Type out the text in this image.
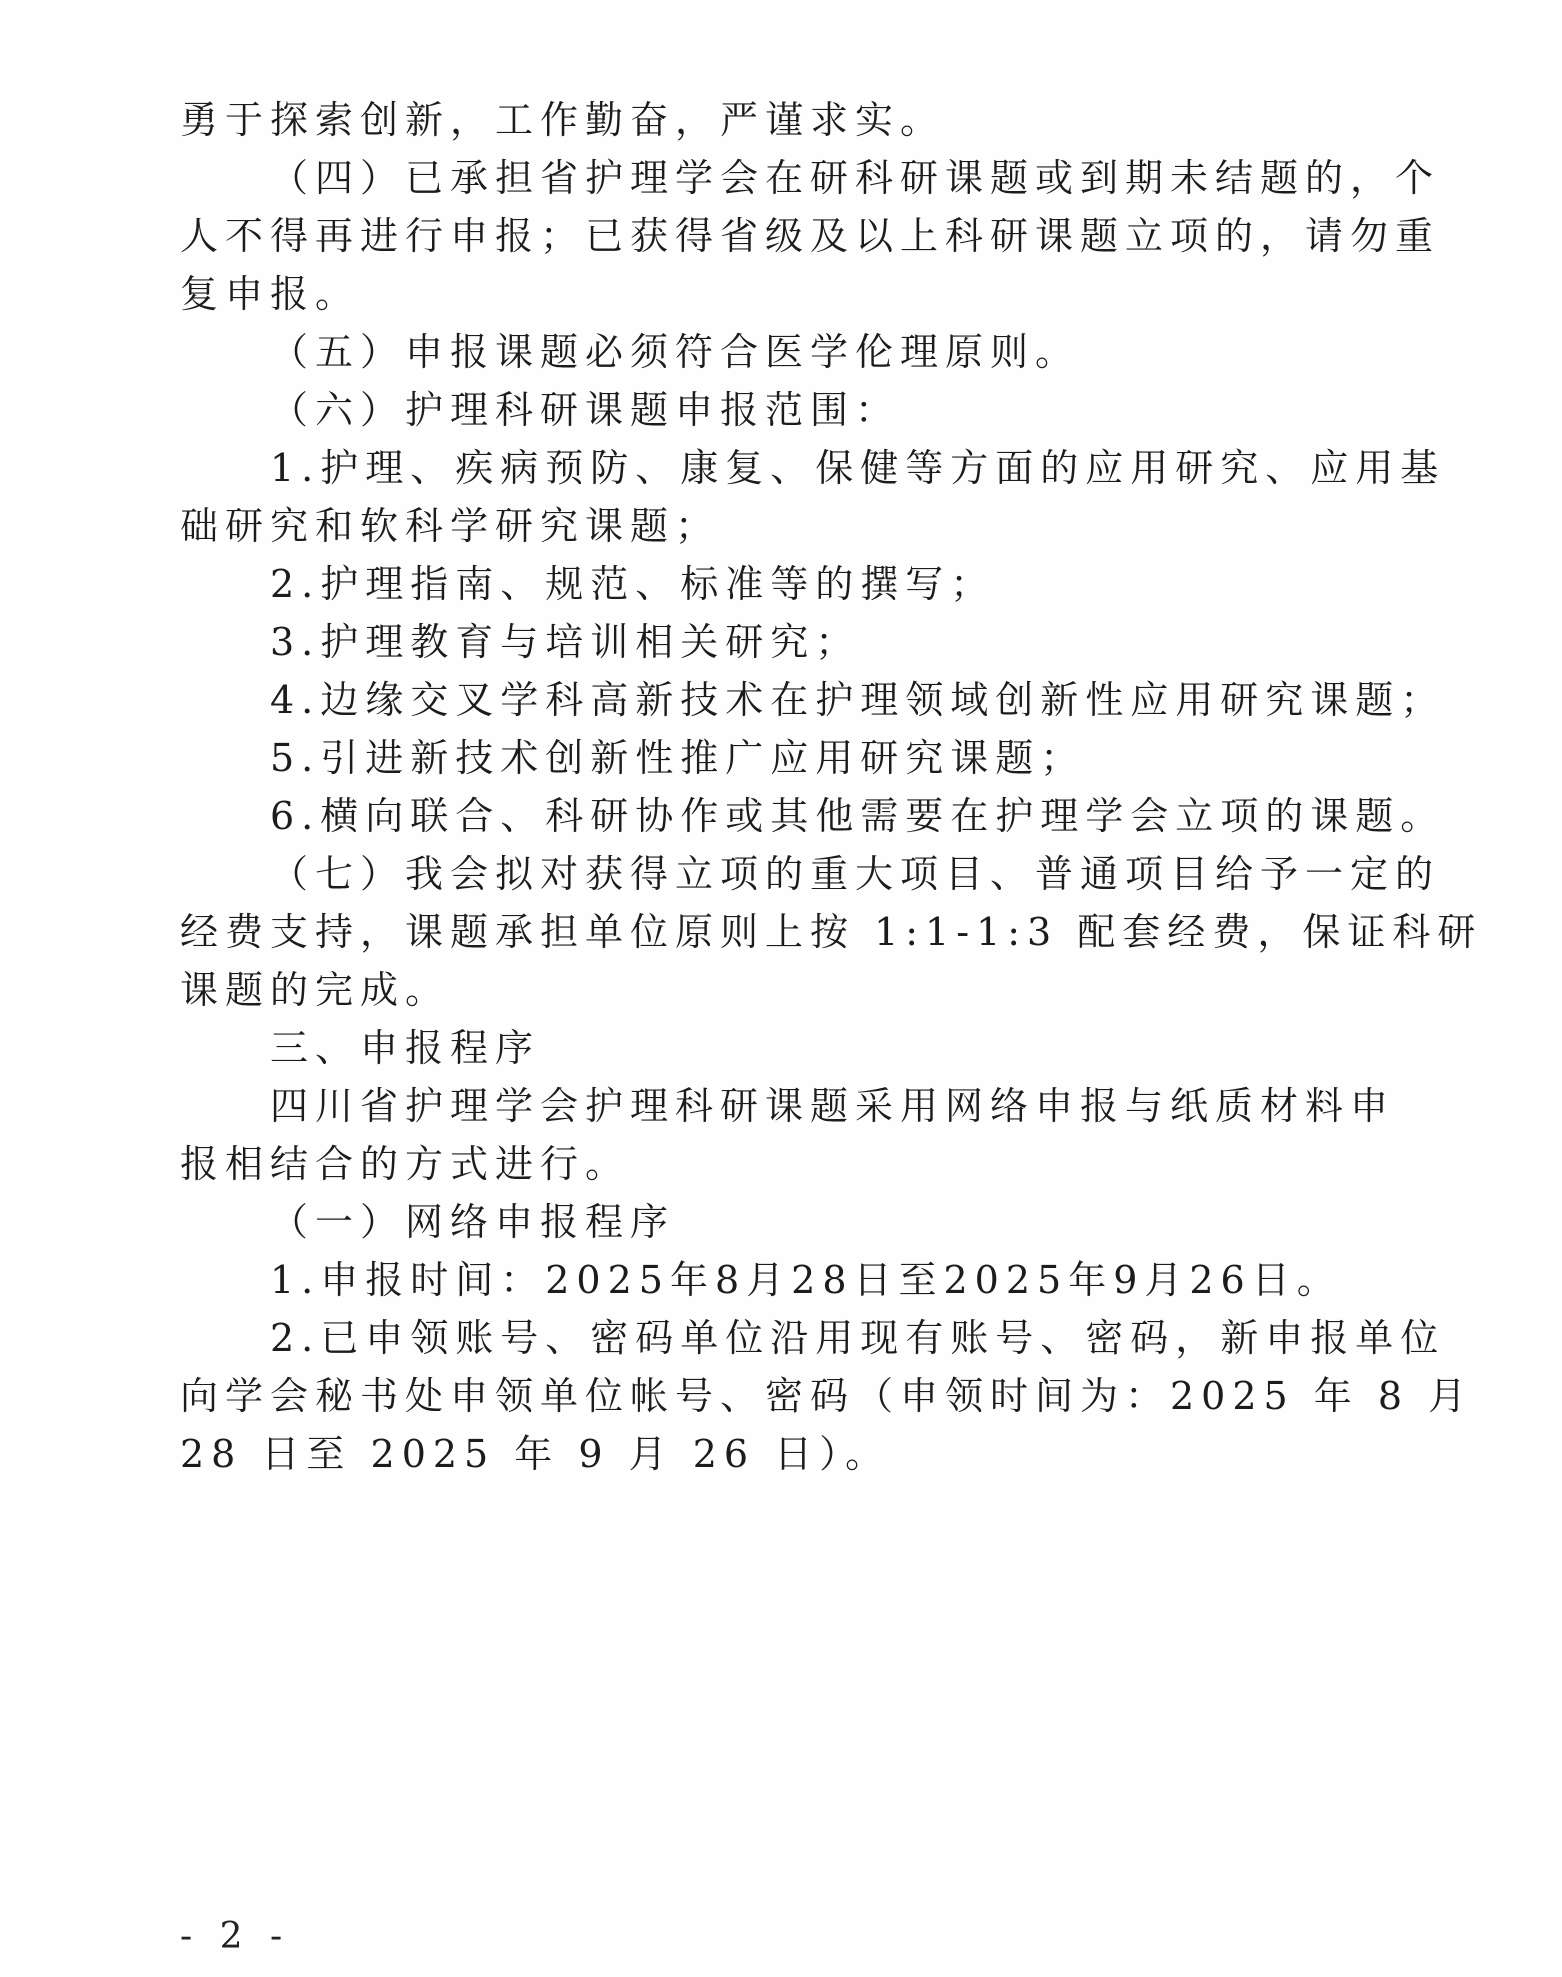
勇于探索创新，工作勤奋，严谨求实。
（四）已承担省护理学会在研科研课题或到期未结题的，个
人不得再进行申报；已获得省级及以上科研课题立项的，请勿重
复申报。
（五）申报课题必须符合医学伦理原则。
（六）护理科研课题申报范围：
1.护理、疾病预防、康复、保健等方面的应用研究、应用基
础研究和软科学研究课题；
2.护理指南、规范、标准等的撰写；
3.护理教育与培训相关研究；
4.边缘交叉学科高新技术在护理领域创新性应用研究课题；
5.引进新技术创新性推广应用研究课题；
6.横向联合、科研协作或其他需要在护理学会立项的课题。
（七）我会拟对获得立项的重大项目、普通项目给予一定的
经费支持，课题承担单位原则上按 1:1-1:3 配套经费，保证科研
课题的完成。
三、申报程序
四川省护理学会护理科研课题采用网络申报与纸质材料申
报相结合的方式进行。
（一）网络申报程序
1.申报时间：2025年8月28日至2025年9月26日。
2.已申领账号、密码单位沿用现有账号、密码，新申报单位
向学会秘书处申领单位帐号、密码（申领时间为：2025 年 8 月
28 日至 2025 年 9 月 26 日）。
- 2 -
